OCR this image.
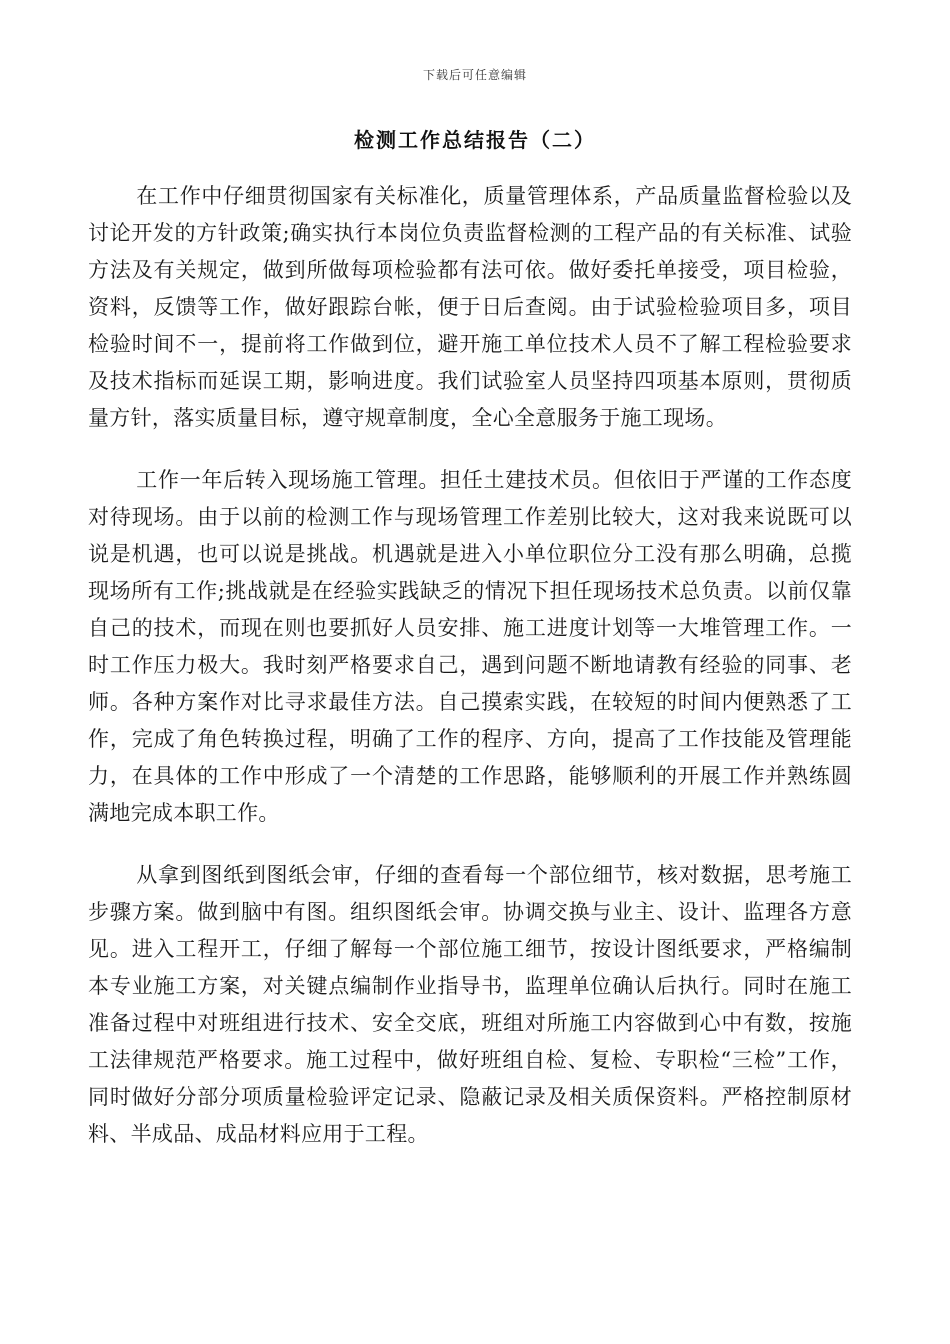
下载后可任意编辑
检测工作总结报告（二）

在工作中仔细贯彻国家有关标准化，质量管理体系，产品质量监督检验以及讨论开发的方针政策;确实执行本岗位负责监督检测的工程产品的有关标准、试验方法及有关规定，做到所做每项检验都有法可依。做好委托单接受，项目检验，资料，反馈等工作，做好跟踪台帐，便于日后查阅。由于试验检验项目多，项目检验时间不一，提前将工作做到位，避开施工单位技术人员不了解工程检验要求及技术指标而延误工期，影响进度。我们试验室人员坚持四项基本原则，贯彻质量方针，落实质量目标，遵守规章制度，全心全意服务于施工现场。

工作一年后转入现场施工管理。担任土建技术员。但依旧于严谨的工作态度对待现场。由于以前的检测工作与现场管理工作差别比较大，这对我来说既可以说是机遇，也可以说是挑战。机遇就是进入小单位职位分工没有那么明确，总揽现场所有工作;挑战就是在经验实践缺乏的情况下担任现场技术总负责。以前仅靠自己的技术，而现在则也要抓好人员安排、施工进度计划等一大堆管理工作。一时工作压力极大。我时刻严格要求自己，遇到问题不断地请教有经验的同事、老师。各种方案作对比寻求最佳方法。自己摸索实践，在较短的时间内便熟悉了工作，完成了角色转换过程，明确了工作的程序、方向，提高了工作技能及管理能力，在具体的工作中形成了一个清楚的工作思路，能够顺利的开展工作并熟练圆满地完成本职工作。

从拿到图纸到图纸会审，仔细的查看每一个部位细节，核对数据，思考施工步骤方案。做到脑中有图。组织图纸会审。协调交换与业主、设计、监理各方意见。进入工程开工，仔细了解每一个部位施工细节，按设计图纸要求，严格编制本专业施工方案，对关键点编制作业指导书，监理单位确认后执行。同时在施工准备过程中对班组进行技术、安全交底，班组对所施工内容做到心中有数，按施工法律规范严格要求。施工过程中，做好班组自检、复检、专职检“三检”工作，同时做好分部分项质量检验评定记录、隐蔽记录及相关质保资料。严格控制原材料、半成品、成品材料应用于工程。
